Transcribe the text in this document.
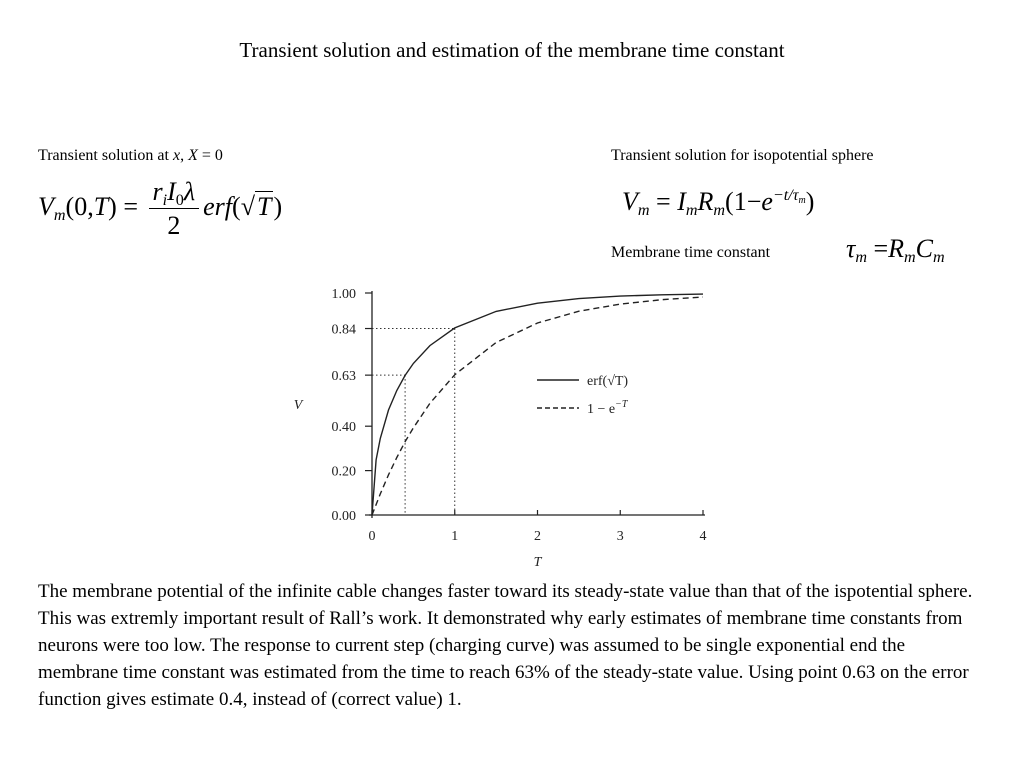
Transient solution and estimation of the membrane time constant
Transient solution at x, X = 0
$V_m(0,T) = \frac{r_iI_0\lambda}{2} erf(√T)$
Transient solution for isopotential sphere
$V_m = I_mR_m(1-e^{-t/\tau_m})$
Membrane time constant	$\tau_m =R_mC_m$
0.00
0.20
0.40
0.63
0.84
1.00
0	1	2	3	4
T
V
erf(√T)
$1 - e^{-T}$
The membrane potential of the infinite cable changes faster toward its steady-state value than that of the ispotential sphere. This was extremly important result of Rall’s work. It demonstrated why early estimates of membrane time constants from neurons were too low. The response to current step (charging curve) was assumed to be single exponential end the membrane time constant was estimated from the time to reach 63% of the steady-state value. Using point 0.63 on the error function gives estimate 0.4, instead of (correct value) 1.
